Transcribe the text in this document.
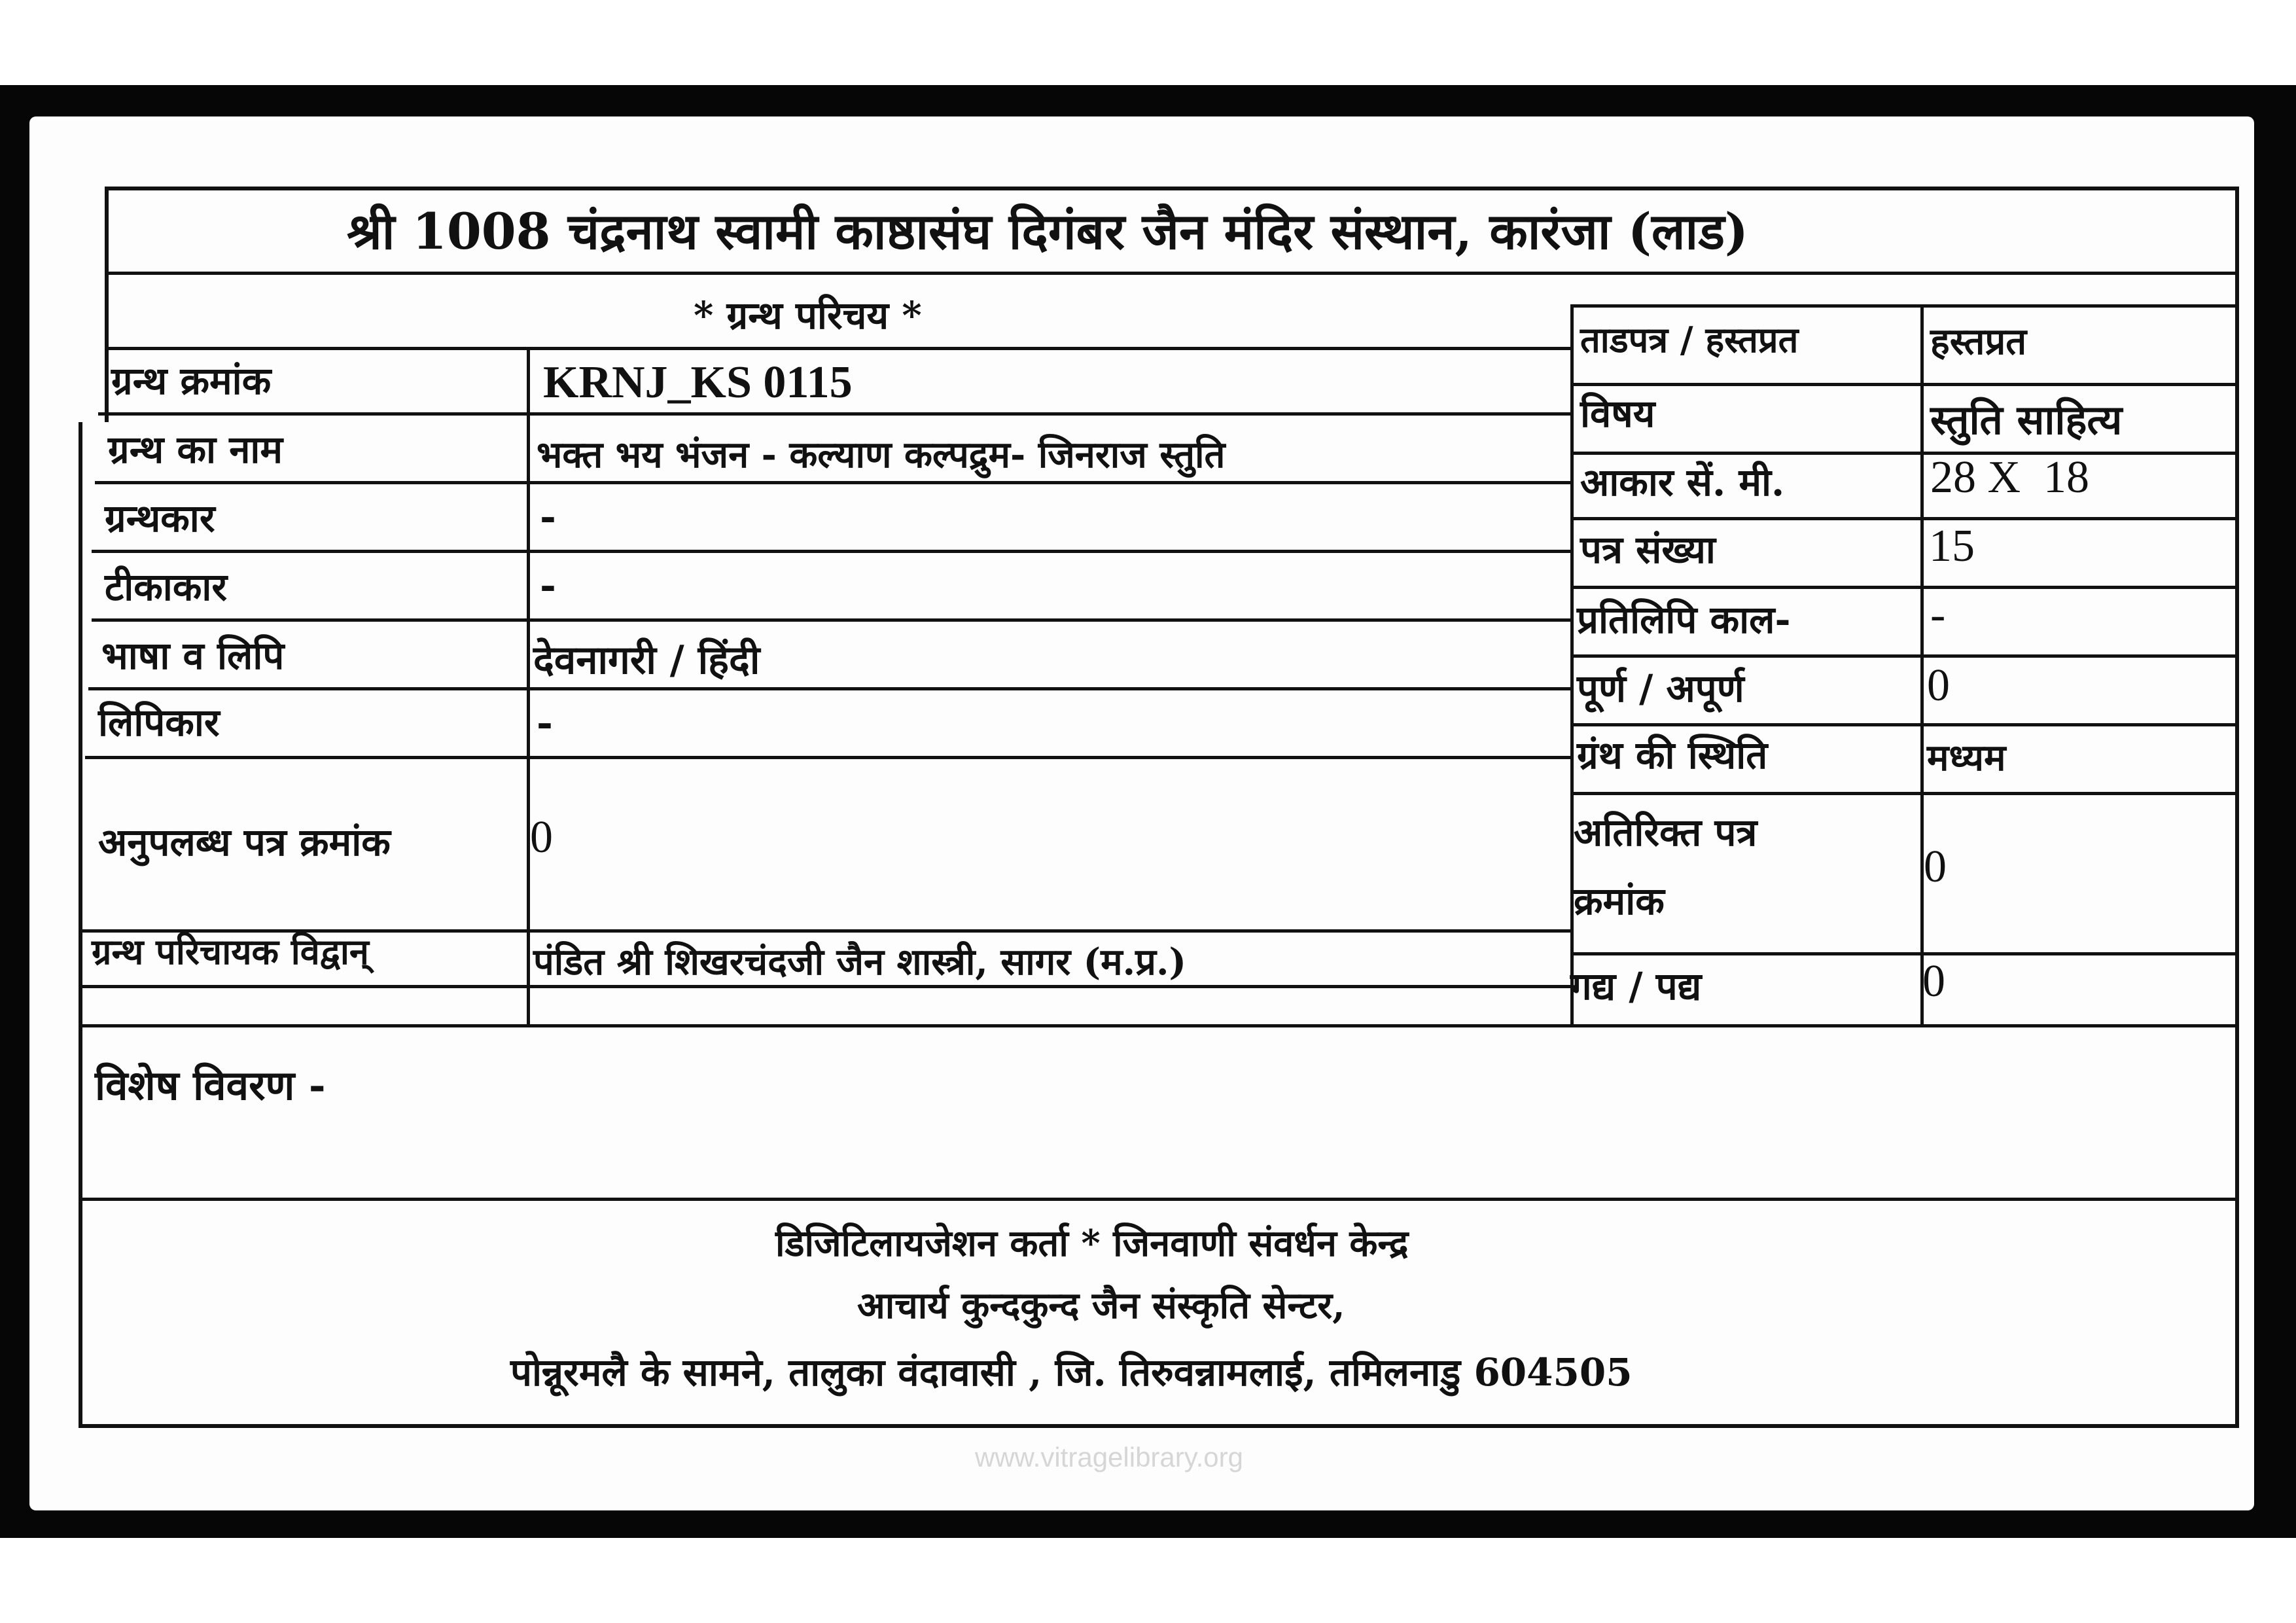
श्री 1008 चंद्रनाथ स्वामी काष्ठासंघ दिगंबर जैन मंदिर संस्थान, कारंजा (लाड)
* ग्रन्थ परिचय *
ग्रन्थ क्रमांक
ग्रन्थ का नाम
ग्रन्थकार
टीकाकार
भाषा व लिपि
लिपिकार
अनुपलब्ध पत्र क्रमांक
ग्रन्थ परिचायक विद्वान्
KRNJ_KS 0115
भक्त भय भंजन - कल्याण कल्पद्रुम- जिनराज स्तुति
-
-
देवनागरी / हिंदी
-
0
पंडित श्री शिखरचंदजी जैन शास्त्री, सागर (म.प्र.)
ताडपत्र / हस्तप्रत
विषय
आकार सें. मी.
पत्र संख्या
प्रतिलिपि काल-
पूर्ण / अपूर्ण
ग्रंथ की स्थिति
अतिरिक्त पत्र
क्रमांक
गद्य / पद्य
हस्तप्रत
स्तुति साहित्य
28 X  18
15
-
0
मध्यम
0
0
विशेष विवरण -
डिजिटिलायजेशन कर्ता * जिनवाणी संवर्धन केन्द्र
आचार्य कुन्दकुन्द जैन संस्कृति सेन्टर,
पोन्नूरमलै के सामने, तालुका वंदावासी , जि. तिरुवन्नामलाई, तमिलनाडु 604505
www.vitragelibrary.org
